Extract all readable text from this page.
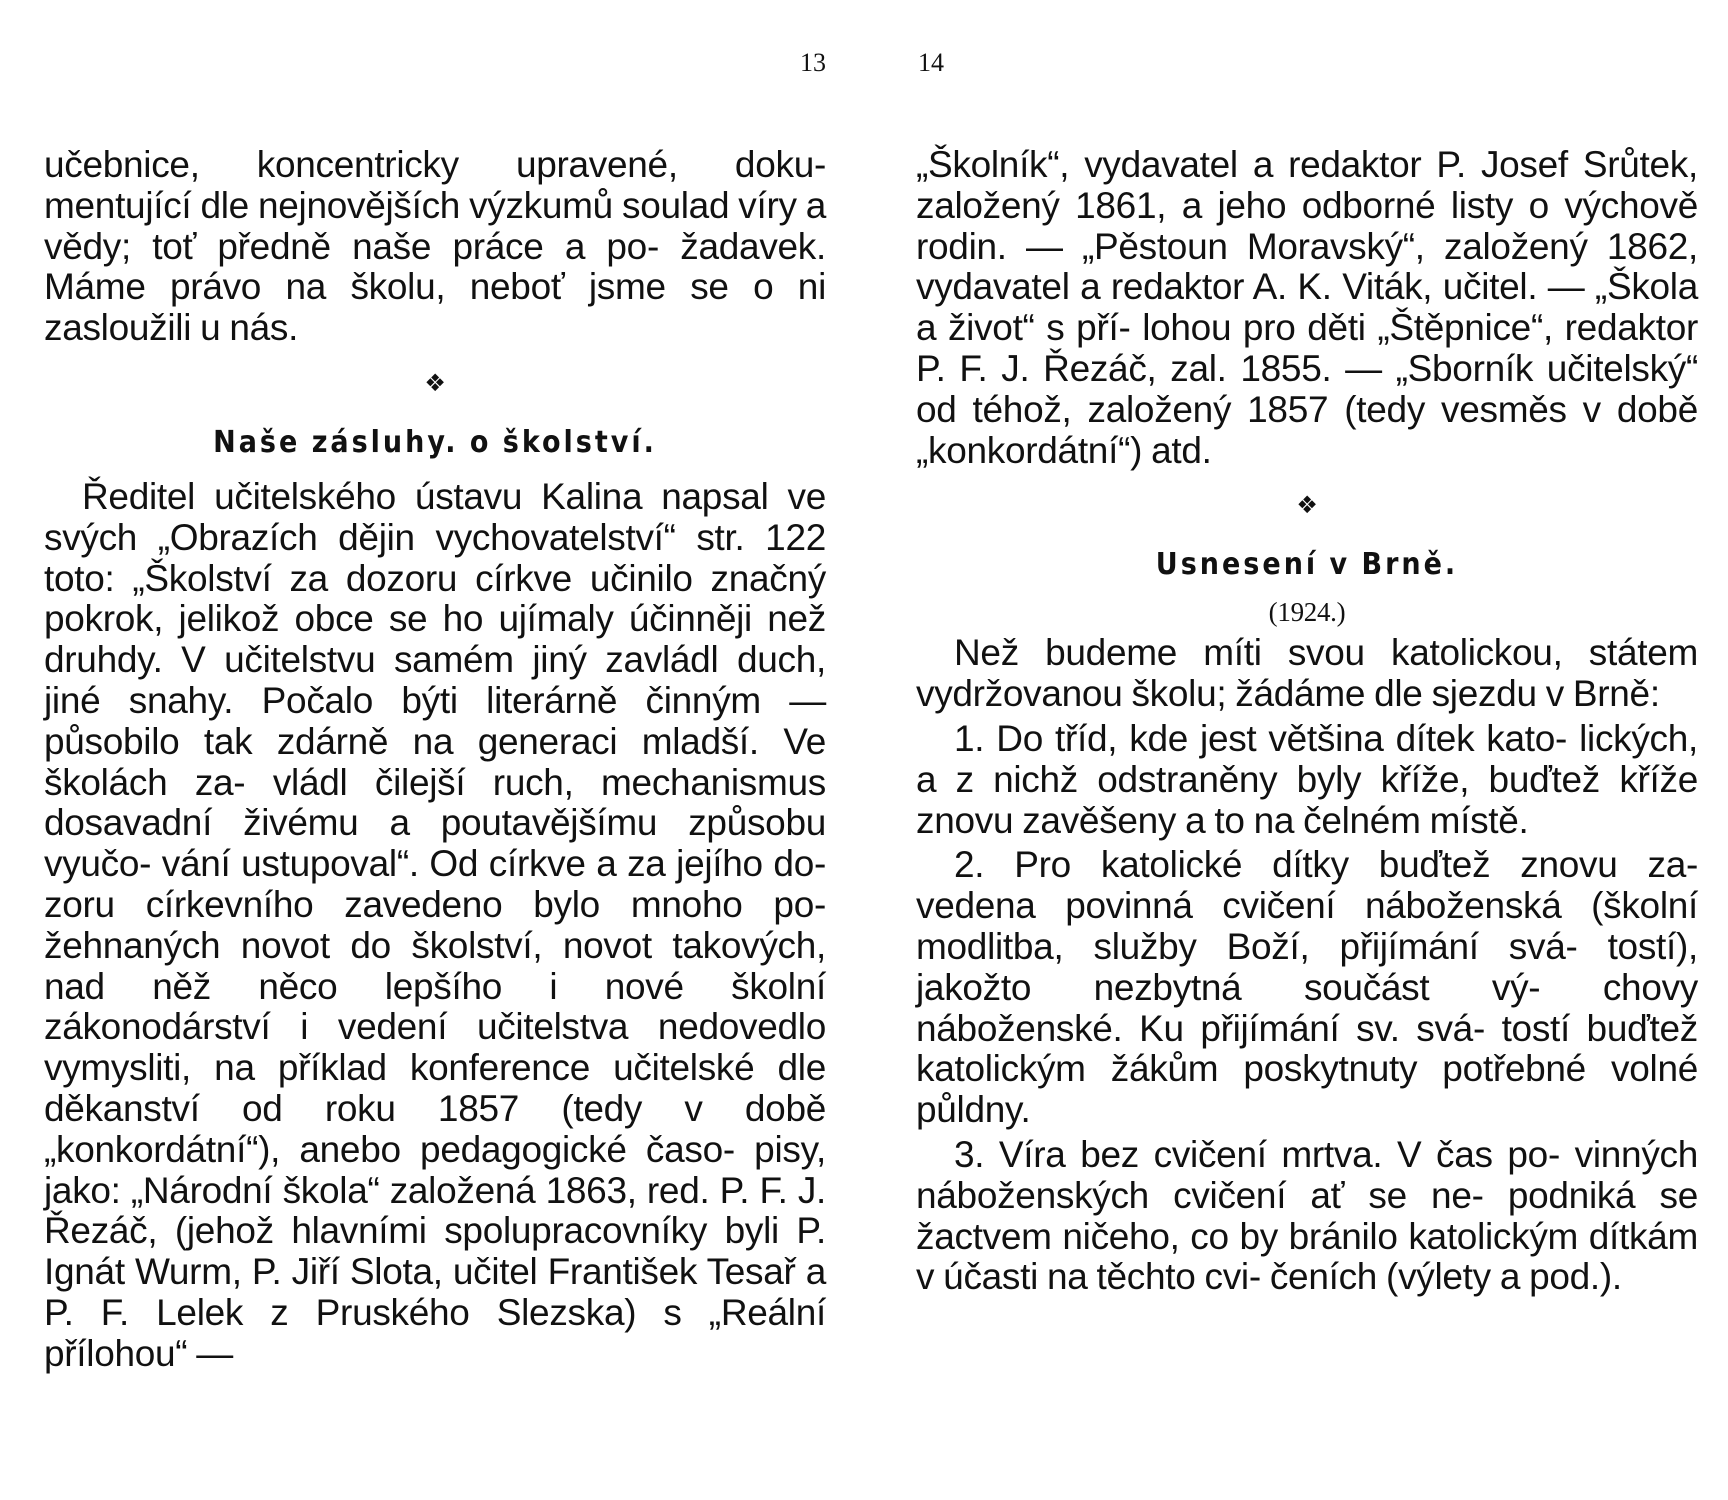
13

učebnice, koncentricky upravené, doku- mentující dle nejnovějších výzkumů soulad víry a vědy; toť předně naše práce a po- žadavek. Máme právo na školu, neboť jsme se o ni zasloužili u nás.

❖
Naše zásluhy. o školství.

Ředitel učitelského ústavu Kalina napsal ve svých „Obrazích dějin vychovatelství“ str. 122 toto: „Školství za dozoru církve učinilo značný pokrok, jelikož obce se ho ujímaly účinněji než druhdy. V učitelstvu samém jiný zavládl duch, jiné snahy. Počalo býti literárně činným — působilo tak zdárně na generaci mladší. Ve školách za- vládl čilejší ruch, mechanismus dosavadní živému a poutavějšímu způsobu vyučo- vání ustupoval“. Od církve a za jejího do- zoru církevního zavedeno bylo mnoho po- žehnaných novot do školství, novot takových, nad něž něco lepšího i nové školní zákonodárství i vedení učitelstva nedovedlo vymysliti, na příklad konference učitelské dle děkanství od roku 1857 (tedy v době „konkordátní“), anebo pedagogické časo- pisy, jako: „Národní škola“ založená 1863, red. P. F. J. Řezáč, (jehož hlavními spolupracovníky byli P. Ignát Wurm, P. Jiří Slota, učitel František Tesař a P. F. Lelek z Pruského Slezska) s „Reální přílohou“ —

14

„Školník“, vydavatel a redaktor P. Josef Srůtek, založený 1861, a jeho odborné listy o výchově rodin. — „Pěstoun Moravský“, založený 1862, vydavatel a redaktor A. K. Viták, učitel. — „Škola a život“ s pří- lohou pro děti „Štěpnice“, redaktor P. F. J. Řezáč, zal. 1855. — „Sborník učitelský“ od téhož, založený 1857 (tedy vesměs v době „konkordátní“) atd.

❖
Usnesení v Brně.
(1924.)

Než budeme míti svou katolickou, státem vydržovanou školu; žádáme dle sjezdu v Brně:

1. Do tříd, kde jest většina dítek kato- lických, a z nichž odstraněny byly kříže, buďtež kříže znovu zavěšeny a to na čelném místě.

2. Pro katolické dítky buďtež znovu za- vedena povinná cvičení náboženská (školní modlitba, služby Boží, přijímání svá- tostí), jakožto nezbytná součást vý- chovy náboženské. Ku přijímání sv. svá- tostí buďtež katolickým žákům poskytnuty potřebné volné půldny.

3. Víra bez cvičení mrtva. V čas po- vinných náboženských cvičení ať se ne- podniká se žactvem ničeho, co by bránilo katolickým dítkám v účasti na těchto cvi- čeních (výlety a pod.).
